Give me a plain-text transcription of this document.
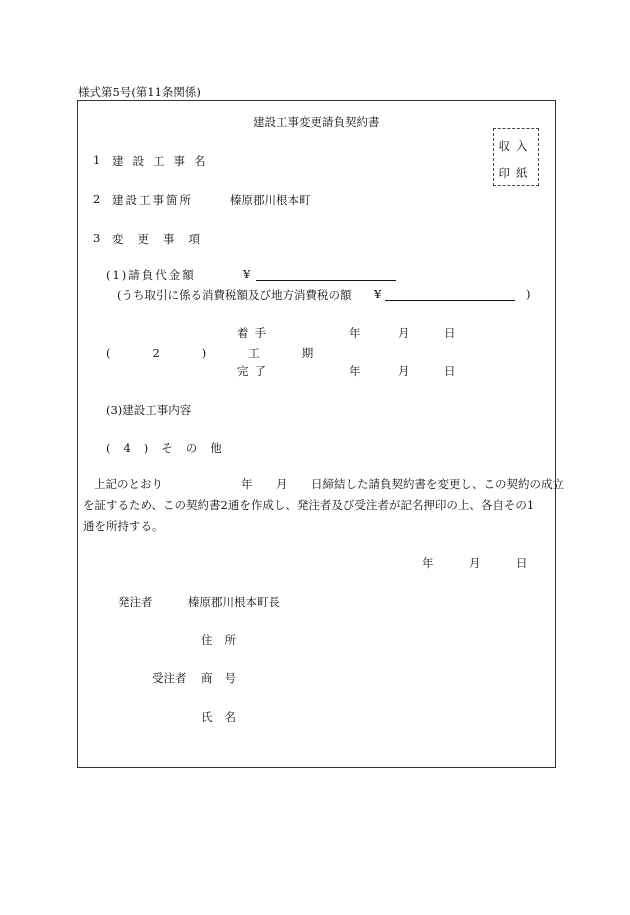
様式第5号(第11条関係)
建設工事変更請負契約書
収入
印紙
1 建設工事名
2 建設工事箇所	榛原郡川根本町
3 変更事項
(1)請負代金額	¥
(うち取引に係る消費税額及び地方消費税の額 ¥	)
着手	年	月	日
(2)工期
完了	年	月	日
(3)建設工事内容
(4)その他
上記のとおり	年 月 日締結した請負契約書を変更し、この契約の成立
を証するため、この契約書2通を作成し、発注者及び受注者が記名押印の上、各自その1
通を所持する。
年	月	日
発注者	榛原郡川根本町長
住所
受注者 商号
氏名
